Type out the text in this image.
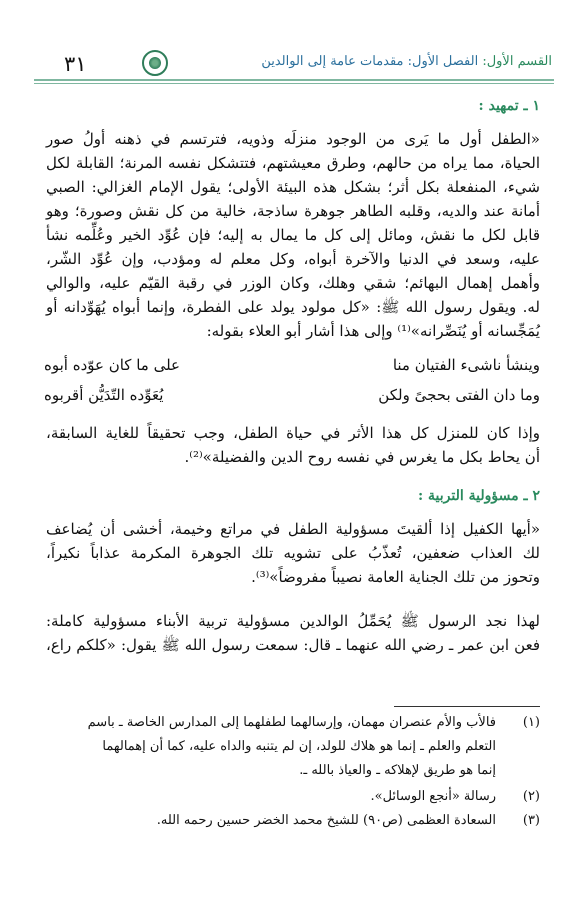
القسم الأول: الفصل الأول: مقدمات عامة إلى الوالدين
٣١
١ ـ تمهيد :
«الطفل أول ما يَرى من الوجود منزلَه وذويه، فترتسم في ذهنه أولُ صور
الحياة، مما يراه من حالهم، وطرق معيشتهم، فتتشكل نفسه المرنة؛ القابلة لكل
شيء، المنفعلة بكل أثر؛ بشكل هذه البيئة الأولى؛ يقول الإمام الغزالي: الصبي
أمانة عند والديه، وقلبه الطاهر جوهرة ساذجة، خالية من كل نقش وصورة؛ وهو
قابل لكل ما نقش، ومائل إلى كل ما يمال به إليه؛ فإن عُوِّد الخير وعُلِّمه نشأ
عليه، وسعد في الدنيا والآخرة أبواه، وكل معلم له ومؤدب، وإن عُوِّد الشّر،
وأهمل إهمال البهائم؛ شقي وهلك، وكان الوزر في رقبة القيّم عليه، والوالي
له. ويقول رسول الله ﷺ: «كل مولود يولد على الفطرة، وإنما أبواه يُهَوِّدانه أو
يُمَجِّسانه أو يُنَصِّرانه»⁽¹⁾ وإلى هذا أشار أبو العلاء بقوله:
وينشأ ناشىء الفتيان منا
على ما كان عوّده أبوه
وما دان الفتى بحجىً ولكن
يُعَوِّده التّدَيُّن أقربوه
وإذا كان للمنزل كل هذا الأثر في حياة الطفل، وجب تحقيقاً للغاية السابقة،
أن يحاط بكل ما يغرس في نفسه روح الدين والفضيلة»⁽²⁾.
٢ ـ مسؤولية التربية :
«أيها الكفيل إذا ألقيتَ مسؤولية الطفل في مراتع وخيمة، أخشى أن يُضاعف
لك العذاب ضعفين، تُعذّبُ على تشويه تلك الجوهرة المكرمة عذاباً نكيراً،
وتحوز من تلك الجناية العامة نصيباً مفروضاً»⁽³⁾.
لهذا نجد الرسول ﷺ يُحَمِّلُ الوالدين مسؤولية تربية الأبناء مسؤولية كاملة:
فعن ابن عمر ـ رضي الله عنهما ـ قال: سمعت رسول الله ﷺ يقول: «كلكم راع،
(١)فالأب والأم عنصران مهمان، وإرسالهما لطفلهما إلى المدارس الخاصة ـ باسم
التعلم والعلم ـ إنما هو هلاك للولد، إن لم يتنبه والداه عليه، كما أن إهمالهما
إنما هو طريق لإهلاكه ـ والعياذ بالله ـ.
(٢)رسالة «أنجع الوسائل».
(٣)السعادة العظمى (ص٩٠) للشيخ محمد الخضر حسين رحمه الله.
